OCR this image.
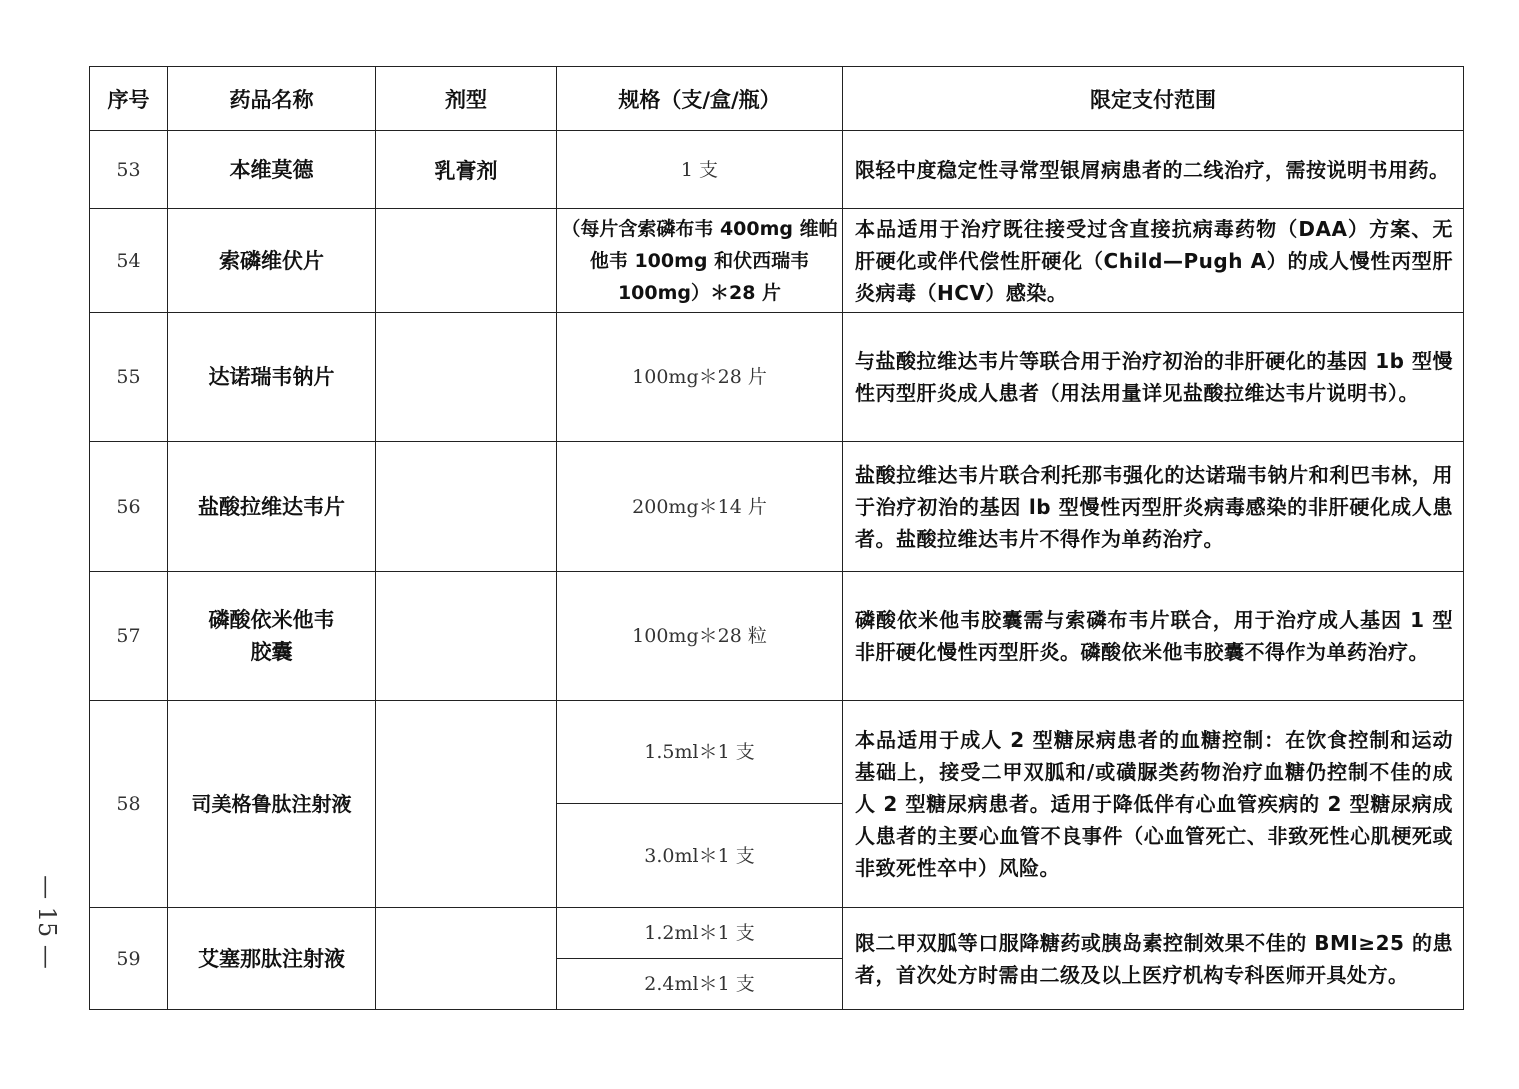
序号	药品名称	剂型	规格（支/盒/瓶）	限定支付范围
53	本维莫德	乳膏剂	1 支	限轻中度稳定性寻常型银屑病患者的二线治疗，需按说明书用药。
54	索磷维伏片		（每片含索磷布韦 400mg 维帕他韦 100mg 和伏西瑞韦 100mg）＊28 片	本品适用于治疗既往接受过含直接抗病毒药物（DAA）方案、无肝硬化或伴代偿性肝硬化（Child—Pugh A）的成人慢性丙型肝炎病毒（HCV）感染。
55	达诺瑞韦钠片		100mg＊28 片	与盐酸拉维达韦片等联合用于治疗初治的非肝硬化的基因 1b 型慢性丙型肝炎成人患者（用法用量详见盐酸拉维达韦片说明书）。
56	盐酸拉维达韦片		200mg＊14 片	盐酸拉维达韦片联合利托那韦强化的达诺瑞韦钠片和利巴韦林，用于治疗初治的基因 lb 型慢性丙型肝炎病毒感染的非肝硬化成人患者。盐酸拉维达韦片不得作为单药治疗。
57	磷酸依米他韦胶囊		100mg＊28 粒	磷酸依米他韦胶囊需与索磷布韦片联合，用于治疗成人基因 1 型非肝硬化慢性丙型肝炎。磷酸依米他韦胶囊不得作为单药治疗。
58	司美格鲁肽注射液		1.5ml＊1 支	本品适用于成人 2 型糖尿病患者的血糖控制：在饮食控制和运动基础上，接受二甲双胍和/或磺脲类药物治疗血糖仍控制不佳的成人 2 型糖尿病患者。适用于降低伴有心血管疾病的 2 型糖尿病成人患者的主要心血管不良事件（心血管死亡、非致死性心肌梗死或非致死性卒中）风险。
			3.0ml＊1 支	
59	艾塞那肽注射液		1.2ml＊1 支	限二甲双胍等口服降糖药或胰岛素控制效果不佳的 BMI≥25 的患者，首次处方时需由二级及以上医疗机构专科医师开具处方。
			2.4ml＊1 支	
— 15 —
